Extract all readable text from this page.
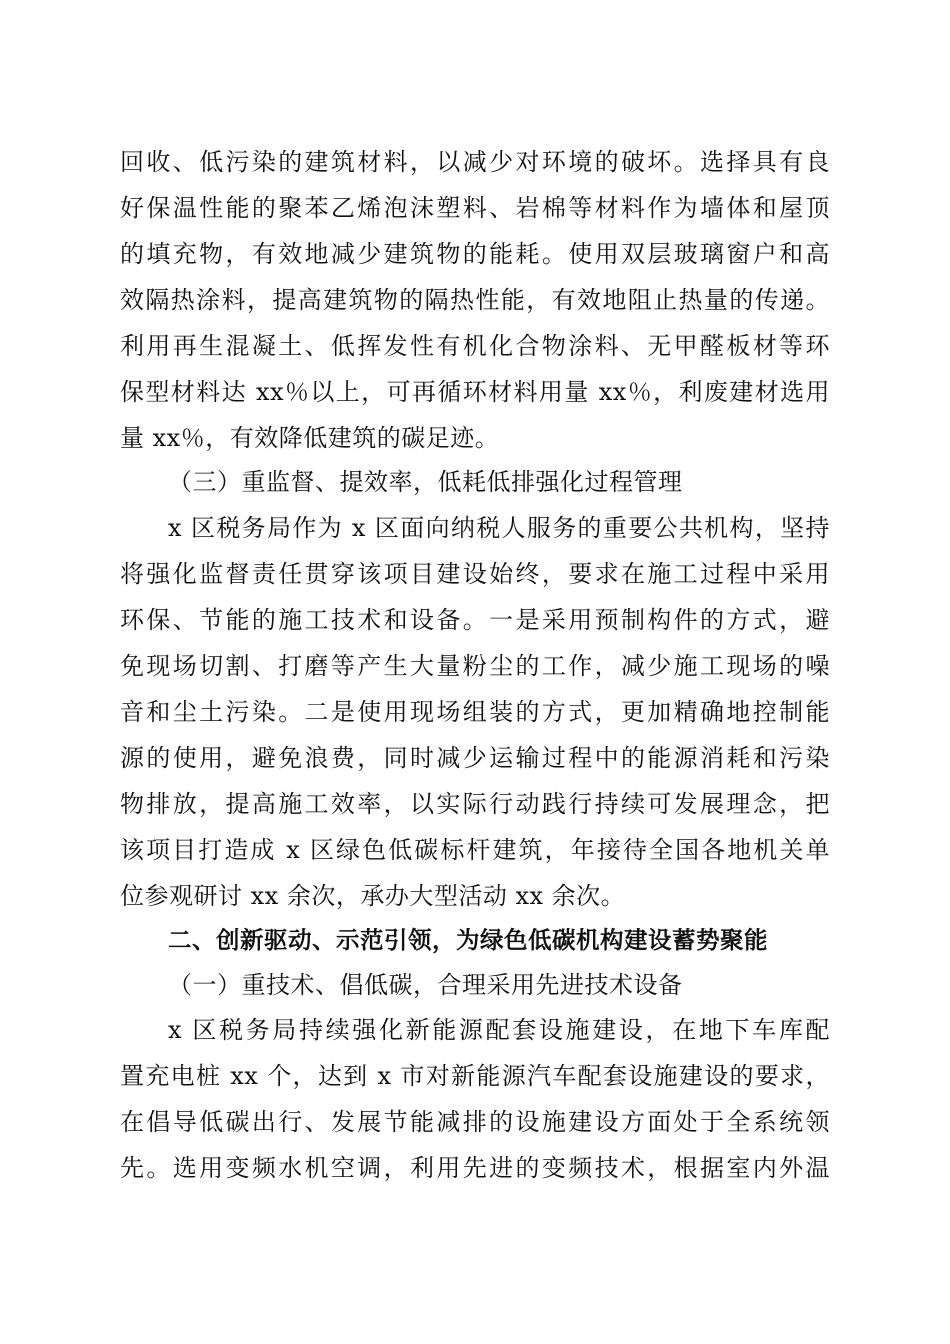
回收、低污染的建筑材料，以减少对环境的破坏。选择具有良
好保温性能的聚苯乙烯泡沫塑料、岩棉等材料作为墙体和屋顶
的填充物，有效地减少建筑物的能耗。使用双层玻璃窗户和高
效隔热涂料，提高建筑物的隔热性能，有效地阻止热量的传递。
利用再生混凝土、低挥发性有机化合物涂料、无甲醛板材等环
保型材料达 xx％以上，可再循环材料用量 xx％，利废建材选用
量 xx％，有效降低建筑的碳足迹。
（三）重监督、提效率，低耗低排强化过程管理
x 区税务局作为 x 区面向纳税人服务的重要公共机构，坚持
将强化监督责任贯穿该项目建设始终，要求在施工过程中采用
环保、节能的施工技术和设备。一是采用预制构件的方式，避
免现场切割、打磨等产生大量粉尘的工作，减少施工现场的噪
音和尘土污染。二是使用现场组装的方式，更加精确地控制能
源的使用，避免浪费，同时减少运输过程中的能源消耗和污染
物排放，提高施工效率，以实际行动践行持续可发展理念，把
该项目打造成 x 区绿色低碳标杆建筑，年接待全国各地机关单
位参观研讨 xx 余次，承办大型活动 xx 余次。
二、创新驱动、示范引领，为绿色低碳机构建设蓄势聚能
（一）重技术、倡低碳，合理采用先进技术设备
x 区税务局持续强化新能源配套设施建设，在地下车库配
置充电桩 xx 个，达到 x 市对新能源汽车配套设施建设的要求，
在倡导低碳出行、发展节能减排的设施建设方面处于全系统领
先。选用变频水机空调，利用先进的变频技术，根据室内外温
